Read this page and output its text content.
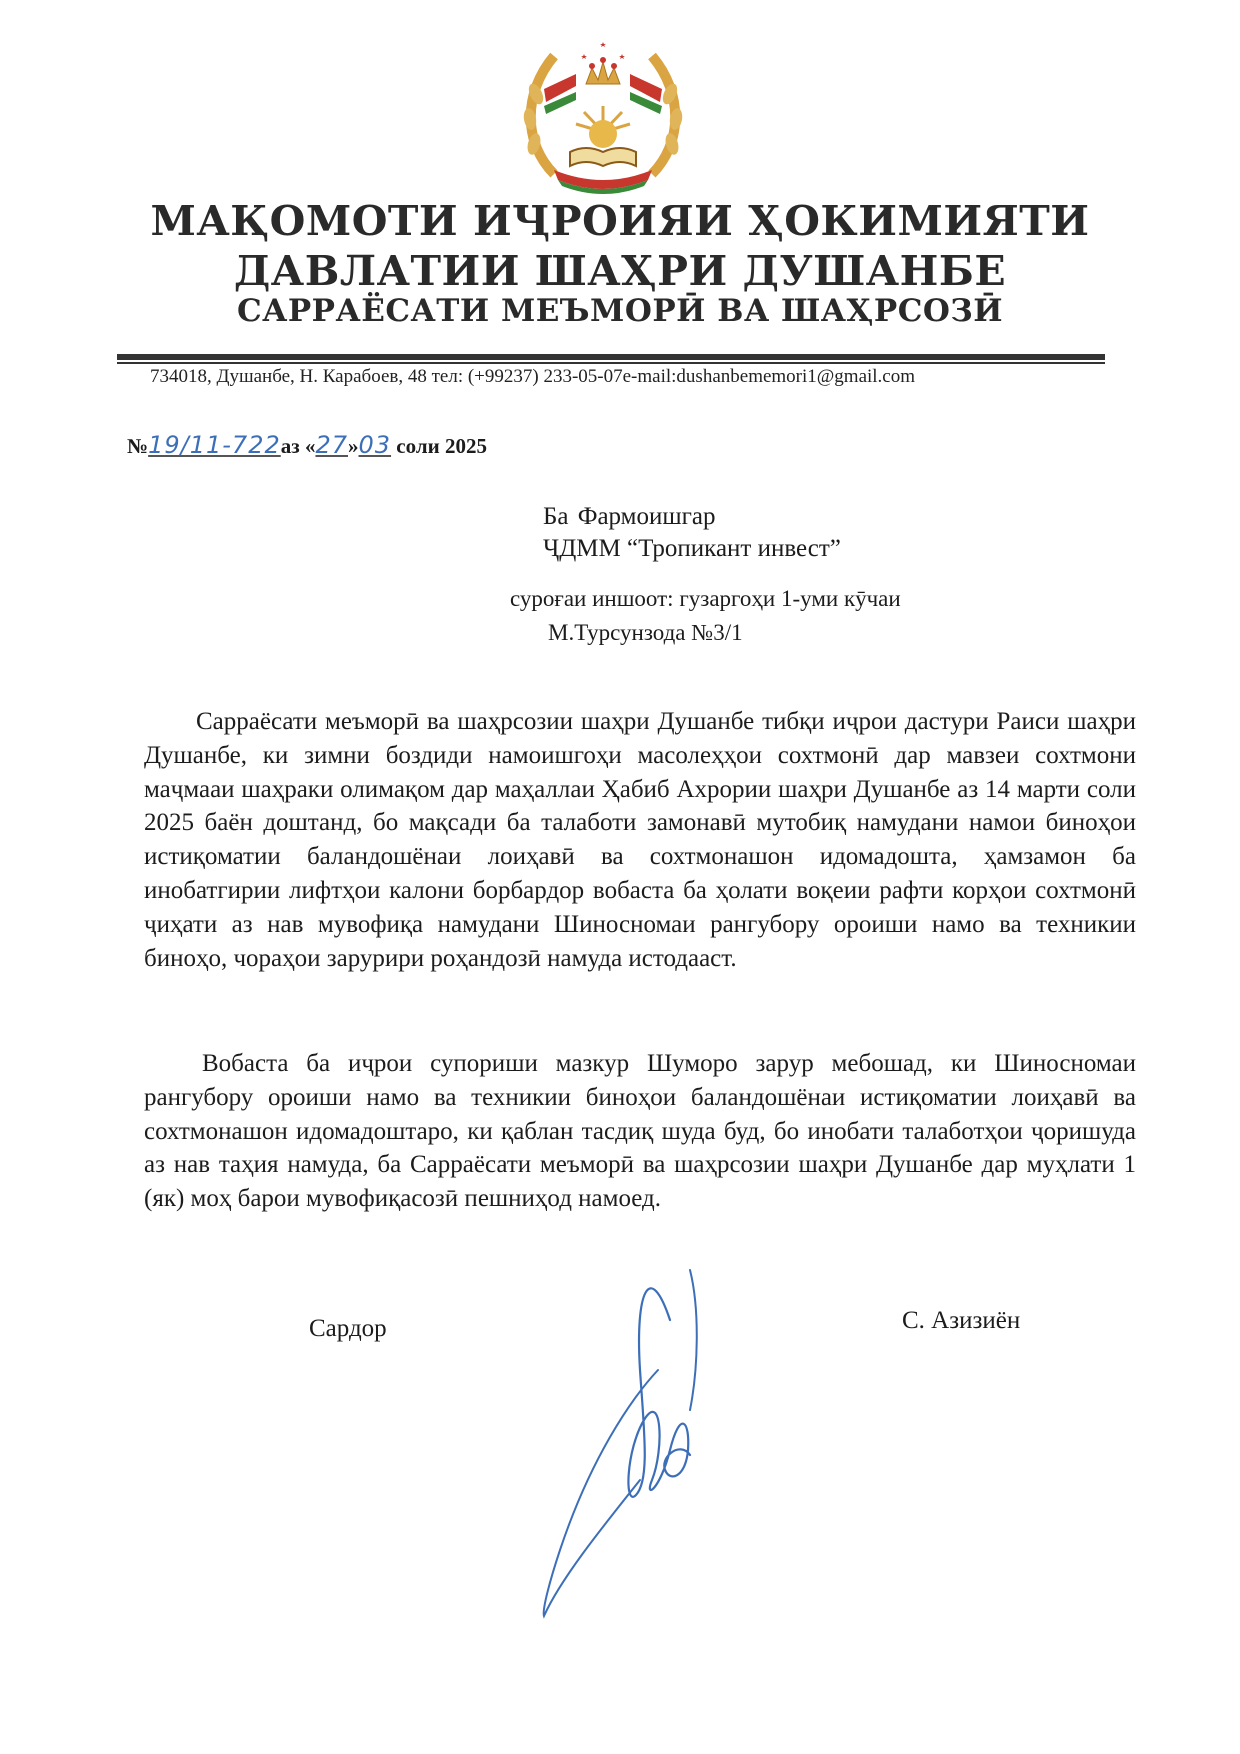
МАҚОМОТИ ИҶРОИЯИ ҲОКИМИЯТИ
ДАВЛАТИИ ШАҲРИ ДУШАНБЕ
САРРАЁСАТИ МЕЪМОРӢ ВА ШАҲРСОЗӢ
734018, Душанбе, Н. Карабоев, 48 тел: (+99237) 233-05-07e-mail:dushanbememori1@gmail.com
№19/11-722аз «27»03 соли 2025
Ба Фармоишгар
ҶДММ “Тропикант инвест”
суроғаи иншоот: гузаргоҳи 1-уми кӯчаи
М.Турсунзода №3/1

Сарраёсати меъморӣ ва шаҳрсозии шаҳри Душанбе тибқи иҷрои дастури Раиси шаҳри Душанбе, ки зимни боздиди намоишгоҳи масолеҳҳои сохтмонӣ дар мавзеи сохтмони маҷмааи шаҳраки олимақом дар маҳаллаи Ҳабиб Ахрории шаҳри Душанбе аз 14 марти соли 2025 баён доштанд, бо мақсади ба талаботи замонавӣ мутобиқ намудани намои биноҳои истиқоматии баландошёнаи лоиҳавӣ ва сохтмонашон идомадошта, ҳамзамон ба инобатгирии лифтҳои калони борбардор вобаста ба ҳолати воқеии рафти корҳои сохтмонӣ ҷиҳати аз нав мувофиқа намудани Шиносномаи рангубору ороиши намо ва техникии биноҳо, чораҳои зарурири роҳандозӣ намуда истодааст.

Вобаста ба иҷрои супориши мазкур Шуморо зарур мебошад, ки Шиносномаи рангубору ороиши намо ва техникии биноҳои баландошёнаи истиқоматии лоиҳавӣ ва сохтмонашон идомадоштаро, ки қаблан тасдиқ шуда буд, бо инобати талаботҳои ҷоришуда аз нав таҳия намуда, ба Сарраёсати меъморӣ ва шаҳрсозии шаҳри Душанбе дар муҳлати 1 (як) моҳ барои мувофиқасозӣ пешниҳод намоед.

Сардор	С. Азизиён
